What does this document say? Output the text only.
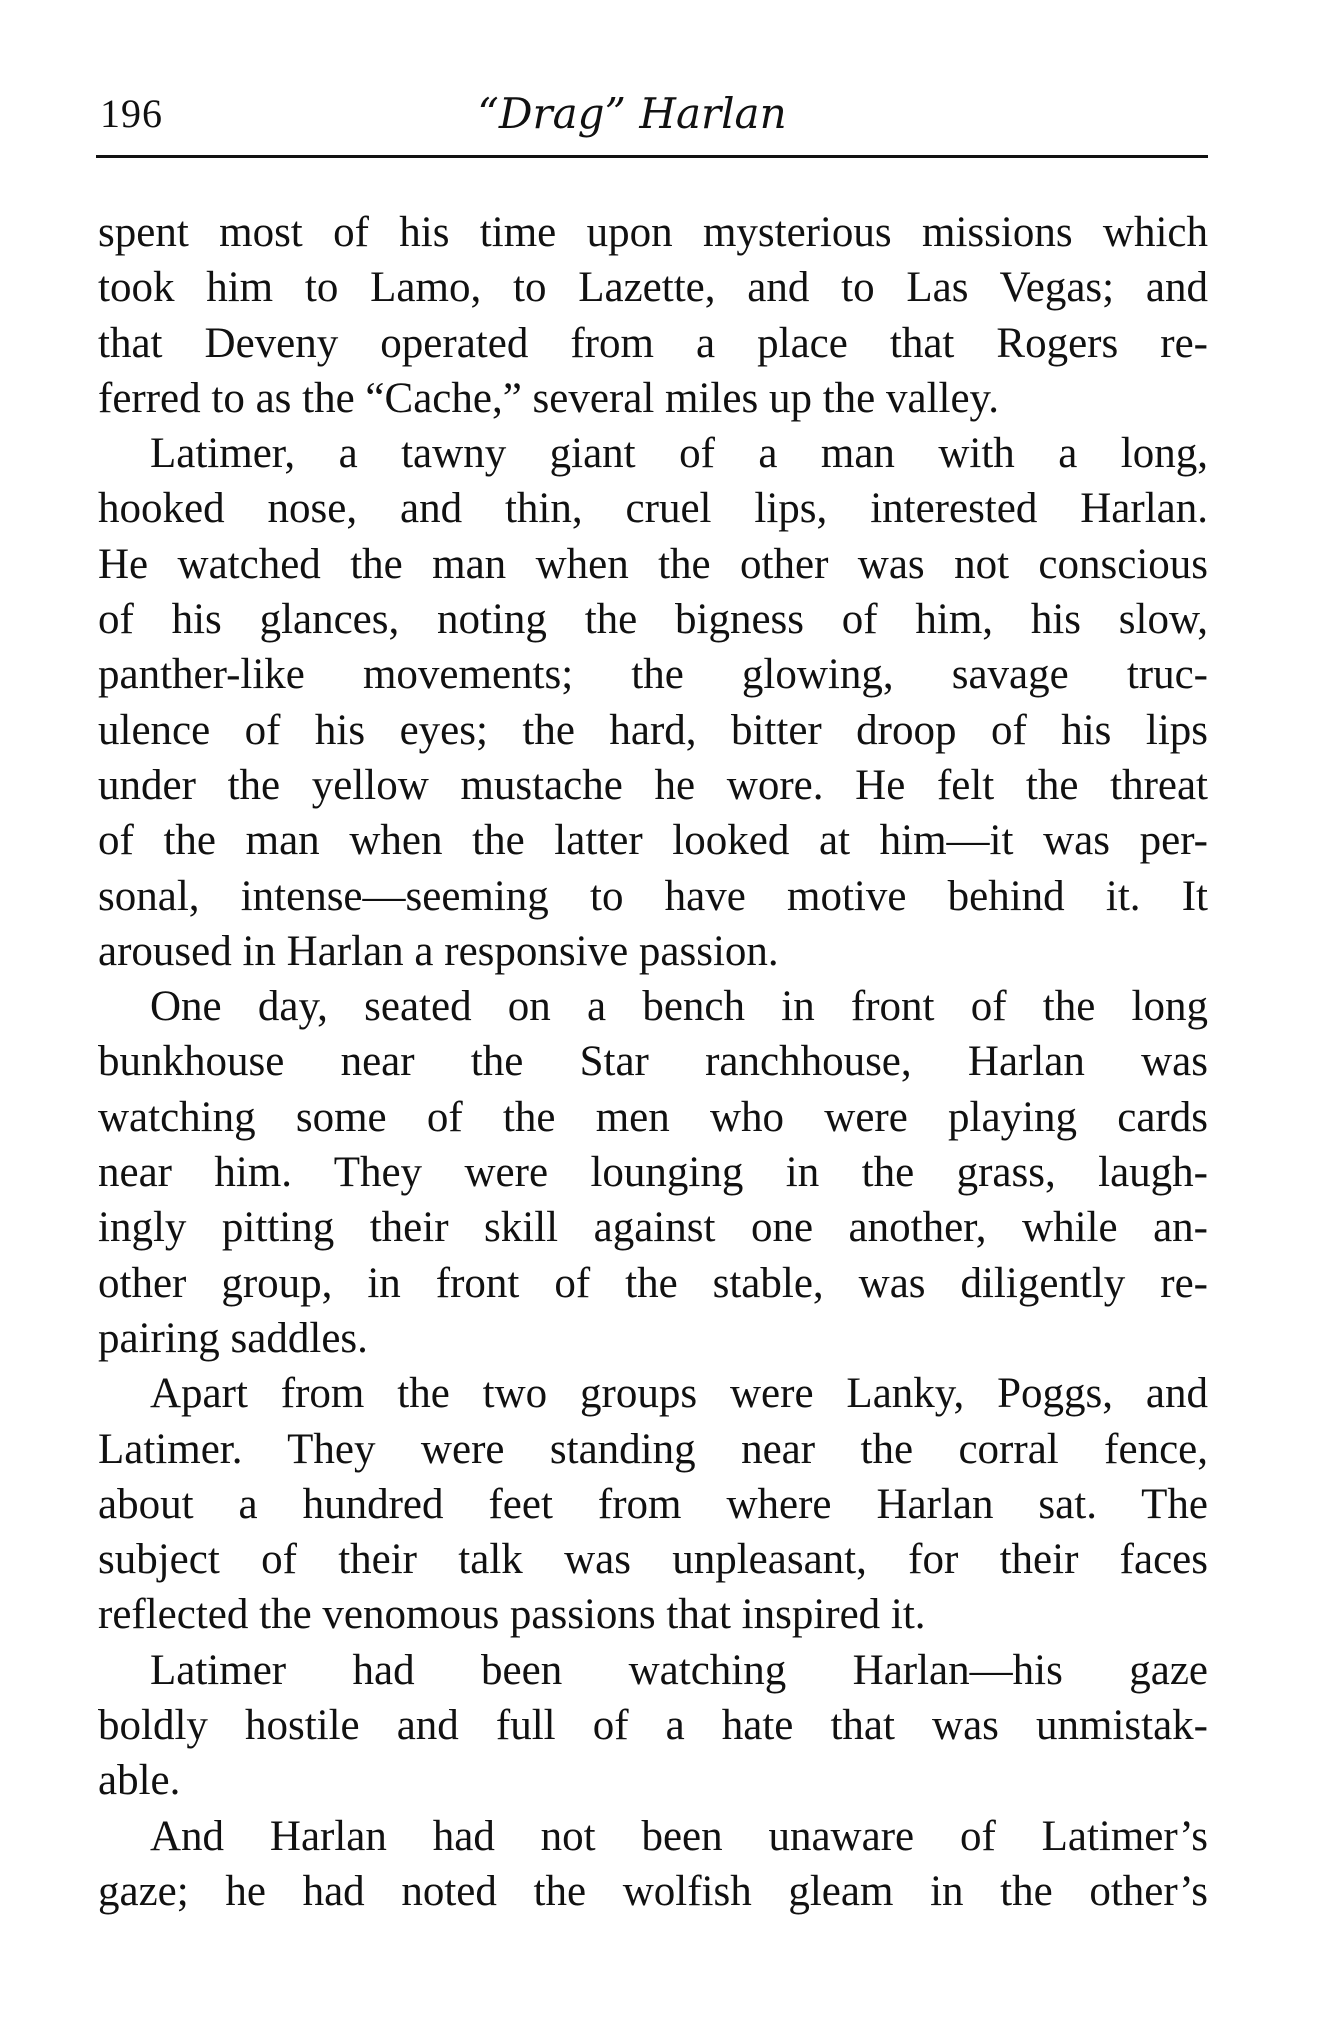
196	“Drag” Harlan
spent most of his time upon mysterious missions which
took him to Lamo, to Lazette, and to Las Vegas; and
that Deveny operated from a place that Rogers re-
ferred to as the “Cache,” several miles up the valley.
Latimer, a tawny giant of a man with a long,
hooked nose, and thin, cruel lips, interested Harlan.
He watched the man when the other was not conscious
of his glances, noting the bigness of him, his slow,
panther-like movements; the glowing, savage truc-
ulence of his eyes; the hard, bitter droop of his lips
under the yellow mustache he wore. He felt the threat
of the man when the latter looked at him—it was per-
sonal, intense—seeming to have motive behind it. It
aroused in Harlan a responsive passion.
One day, seated on a bench in front of the long
bunkhouse near the Star ranchhouse, Harlan was
watching some of the men who were playing cards
near him. They were lounging in the grass, laugh-
ingly pitting their skill against one another, while an-
other group, in front of the stable, was diligently re-
pairing saddles.
Apart from the two groups were Lanky, Poggs, and
Latimer. They were standing near the corral fence,
about a hundred feet from where Harlan sat. The
subject of their talk was unpleasant, for their faces
reflected the venomous passions that inspired it.
Latimer had been watching Harlan—his gaze
boldly hostile and full of a hate that was unmistak-
able.
And Harlan had not been unaware of Latimer’s
gaze; he had noted the wolfish gleam in the other’s
